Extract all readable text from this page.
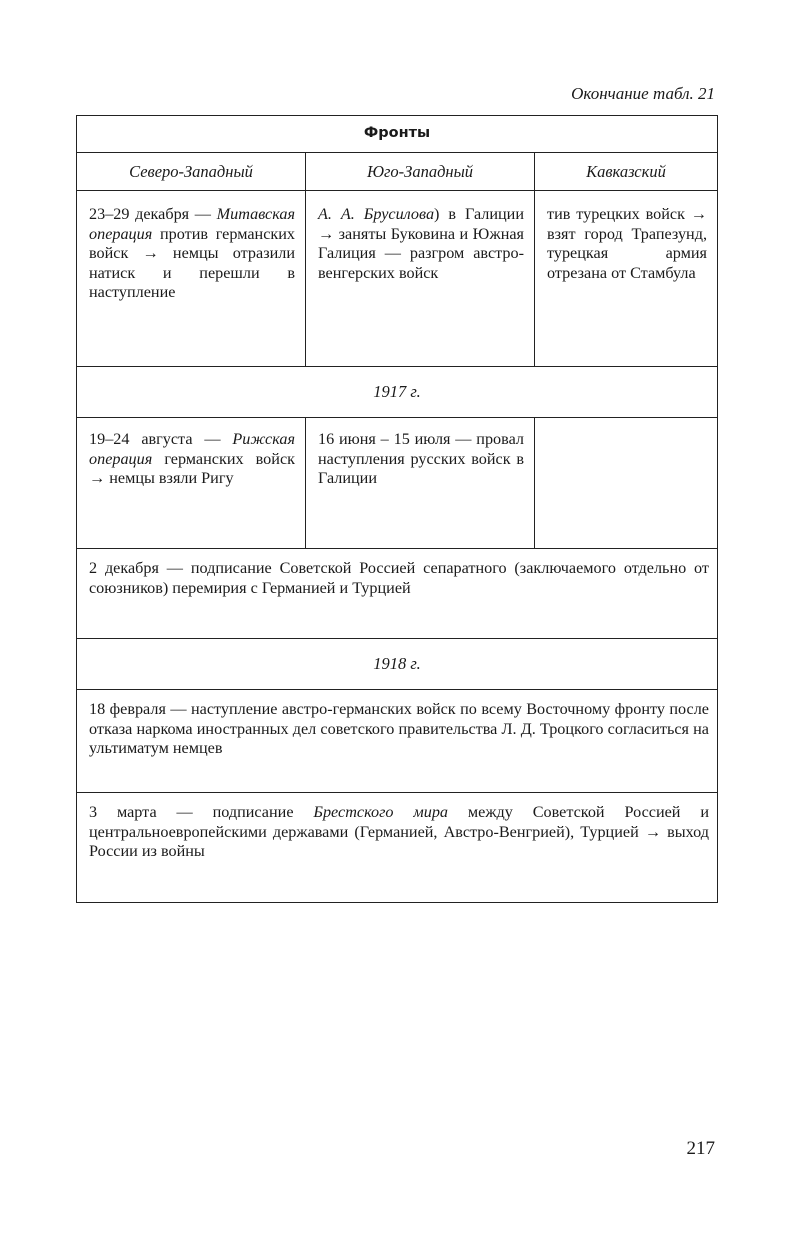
Окончание табл. 21
Фронты		
Северо-Западный	Юго-Западный	Кавказский
23–29 декабря — Митавская операция против германских войск → немцы отразили натиск и перешли в наступление	А. А. Брусилова) в Галиции → заняты Буковина и Южная Галиция — разгром австро-венгерских войск	тив турецких войск → взят город Трапезунд, турецкая армия отрезана от Стамбула
1917 г.		
19–24 августа — Рижская операция германских войск → немцы взяли Ригу	16 июня – 15 июля — провал наступления русских войск в Галиции	
2 декабря — подписание Советской Россией сепаратного (заключаемого отдельно от союзников) перемирия с Германией и Турцией		
1918 г.		
18 февраля — наступление австро-германских войск по всему Восточному фронту после отказа наркома иностранных дел советского правительства Л. Д. Троцкого согласиться на ультиматум немцев		
3 марта — подписание Брестского мира между Советской Россией и центральноевропейскими державами (Германией, Австро-Венгрией), Турцией → выход России из войны		
217
